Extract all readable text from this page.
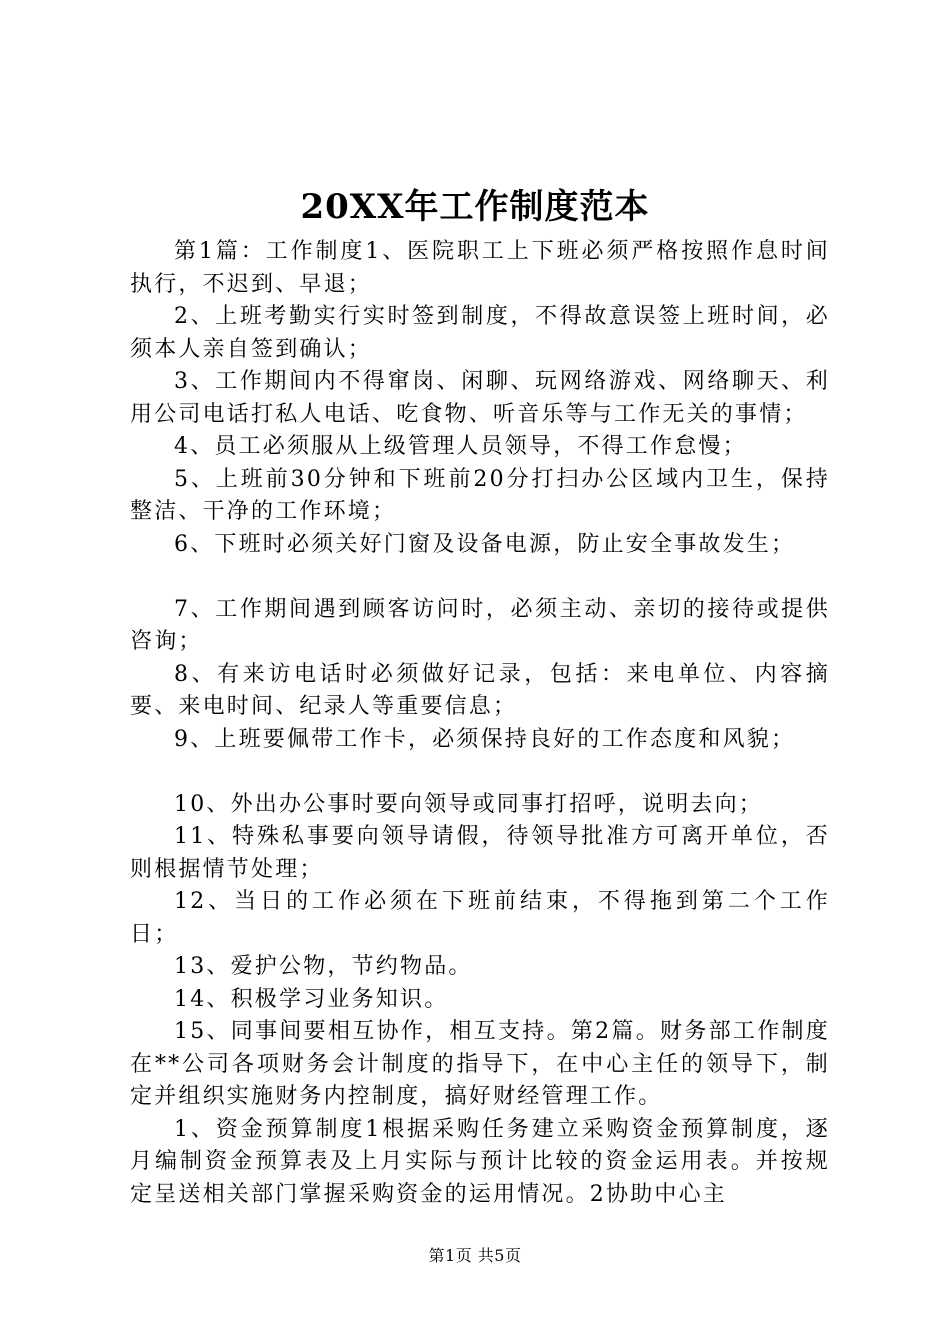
20XX年工作制度范本

第1篇：工作制度1、医院职工上下班必须严格按照作息时间执行，不迟到、早退；

2、上班考勤实行实时签到制度，不得故意误签上班时间，必须本人亲自签到确认；

3、工作期间内不得窜岗、闲聊、玩网络游戏、网络聊天、利用公司电话打私人电话、吃食物、听音乐等与工作无关的事情；

4、员工必须服从上级管理人员领导，不得工作怠慢；

5、上班前30分钟和下班前20分打扫办公区域内卫生，保持整洁、干净的工作环境；

6、下班时必须关好门窗及设备电源，防止安全事故发生；

7、工作期间遇到顾客访问时，必须主动、亲切的接待或提供咨询；

8、有来访电话时必须做好记录，包括：来电单位、内容摘要、来电时间、纪录人等重要信息；

9、上班要佩带工作卡，必须保持良好的工作态度和风貌；

10、外出办公事时要向领导或同事打招呼，说明去向；

11、特殊私事要向领导请假，待领导批准方可离开单位，否则根据情节处理；

12、当日的工作必须在下班前结束，不得拖到第二个工作日；

13、爱护公物，节约物品。

14、积极学习业务知识。

15、同事间要相互协作，相互支持。第2篇。财务部工作制度在**公司各项财务会计制度的指导下，在中心主任的领导下，制定并组织实施财务内控制度，搞好财经管理工作。

1、资金预算制度1根据采购任务建立采购资金预算制度，逐月编制资金预算表及上月实际与预计比较的资金运用表。并按规定呈送相关部门掌握采购资金的运用情况。2协助中心主

第1页 共5页
